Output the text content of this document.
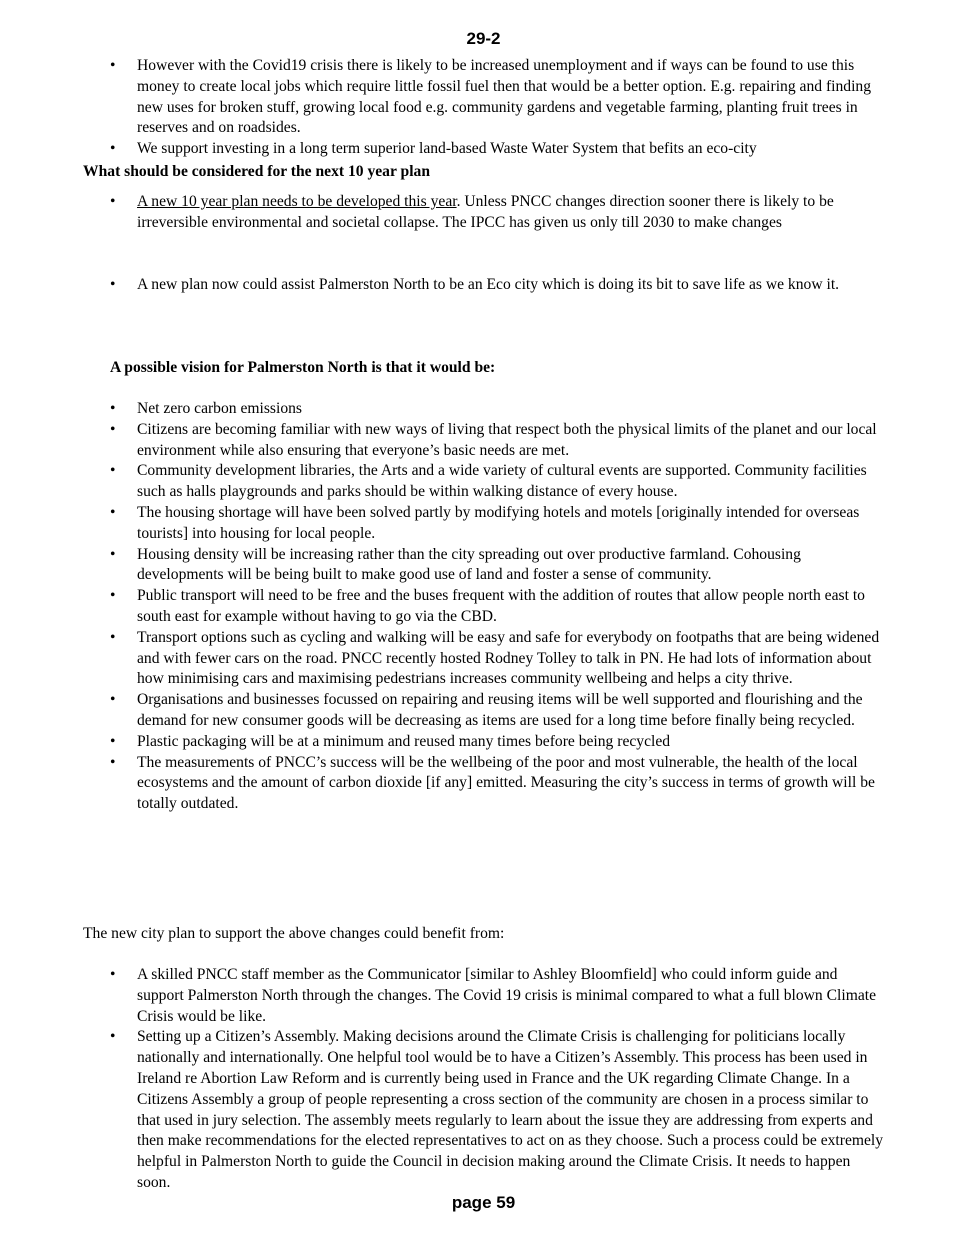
29-2
• However with the Covid19 crisis there is likely to be increased unemployment and if ways can be found to use this money to create local jobs which require little fossil fuel then that would be a better option. E.g. repairing and finding new uses for broken stuff, growing local food e.g. community gardens and vegetable farming, planting fruit trees in reserves and on roadsides.
• We support investing in a long term superior land-based Waste Water System that befits an eco-city
What should be considered for the next 10 year plan
• A new 10 year plan needs to be developed this year. Unless PNCC changes direction sooner there is likely to be irreversible environmental and societal collapse. The IPCC has given us only till 2030 to make changes
• A new plan now could assist Palmerston North to be an Eco city which is doing its bit to save life as we know it.
A possible vision for Palmerston North is that it would be:
• Net zero carbon emissions
• Citizens are becoming familiar with new ways of living that respect both the physical limits of the planet and our local environment while also ensuring that everyone’s basic needs are met.
• Community development libraries, the Arts and a wide variety of cultural events are supported. Community facilities such as halls playgrounds and parks should be within walking distance of every house.
• The housing shortage will have been solved partly by modifying hotels and motels [originally intended for overseas tourists] into housing for local people.
• Housing density will be increasing rather than the city spreading out over productive farmland. Cohousing developments will be being built to make good use of land and foster a sense of community.
• Public transport will need to be free and the buses frequent with the addition of routes that allow people north east to south east for example without having to go via the CBD.
• Transport options such as cycling and walking will be easy and safe for everybody on footpaths that are being widened and with fewer cars on the road. PNCC recently hosted Rodney Tolley to talk in PN. He had lots of information about how minimising cars and maximising pedestrians increases community wellbeing and helps a city thrive.
• Organisations and businesses focussed on repairing and reusing items will be well supported and flourishing and the demand for new consumer goods will be decreasing as items are used for a long time before finally being recycled.
• Plastic packaging will be at a minimum and reused many times before being recycled
• The measurements of PNCC’s success will be the wellbeing of the poor and most vulnerable, the health of the local ecosystems and the amount of carbon dioxide [if any] emitted. Measuring the city’s success in terms of growth will be totally outdated.
The new city plan to support the above changes could benefit from:
• A skilled PNCC staff member as the Communicator [similar to Ashley Bloomfield] who could inform guide and support Palmerston North through the changes. The Covid 19 crisis is minimal compared to what a full blown Climate Crisis would be like.
• Setting up a Citizen’s Assembly. Making decisions around the Climate Crisis is challenging for politicians locally nationally and internationally. One helpful tool would be to have a Citizen’s Assembly. This process has been used in Ireland re Abortion Law Reform and is currently being used in France and the UK regarding Climate Change. In a Citizens Assembly a group of people representing a cross section of the community are chosen in a process similar to that used in jury selection. The assembly meets regularly to learn about the issue they are addressing from experts and then make recommendations for the elected representatives to act on as they choose. Such a process could be extremely helpful in Palmerston North to guide the Council in decision making around the Climate Crisis. It needs to happen soon.
page 59
